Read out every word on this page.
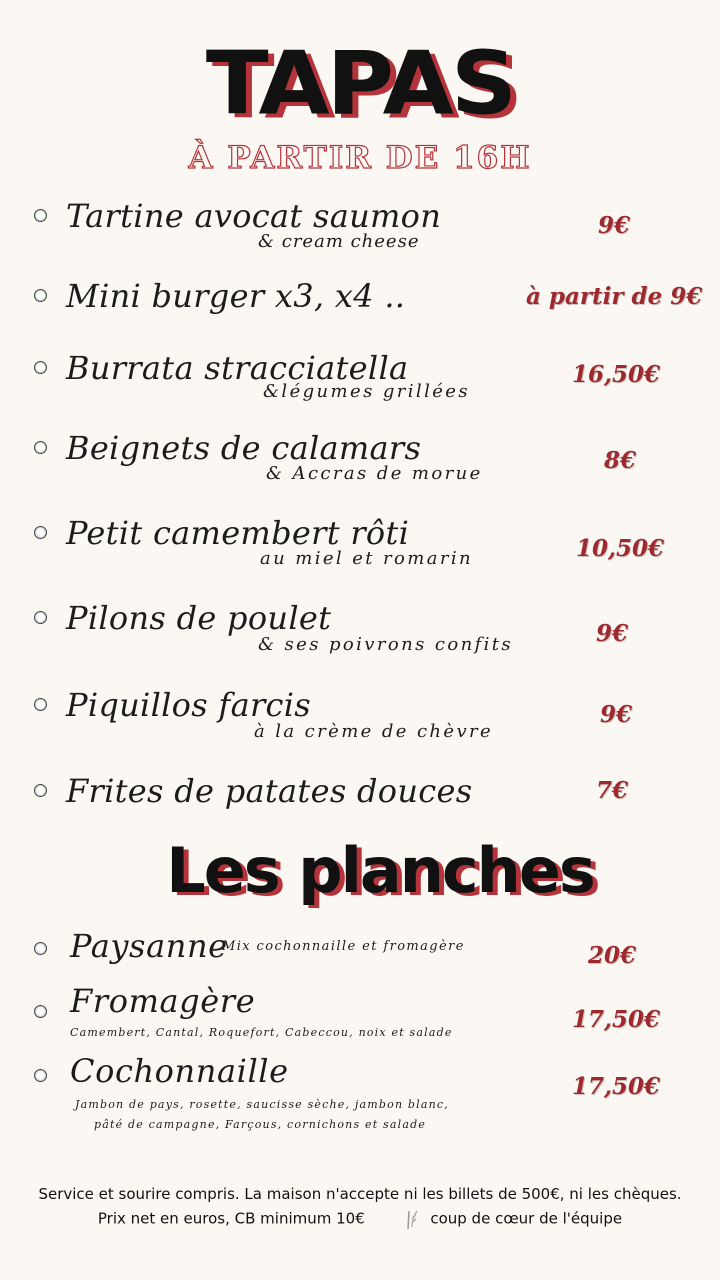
TAPAS
À PARTIR DE 16H
Tartine avocat saumon
& cream cheese
9€
Mini burger x3, x4 ..	à partir de 9€
Burrata stracciatella
&légumes grillées
16,50€
Beignets de calamars
& Accras de morue	8€
Petit camembert rôti
au miel et romarin	10,50€
Pilons de poulet
& ses poivrons confits	9€
Piquillos farcis
à la crème de chèvre
9€
Frites de patates douces	7€
Les planches
Paysanne
Mix cochonnaille et fromagère	20€
Fromagère
Camembert, Cantal, Roquefort, Cabeccou, noix et salade	17,50€
Cochonnaille
Jambon de pays, rosette, saucisse sèche, jambon blanc,
pâté de campagne, Farçous, cornichons et salade
17,50€
Service et sourire compris. La maison n'accepte ni les billets de 500€, ni les chèques.
Prix net en euros, CB minimum 10€	coup de cœur de l'équipe
